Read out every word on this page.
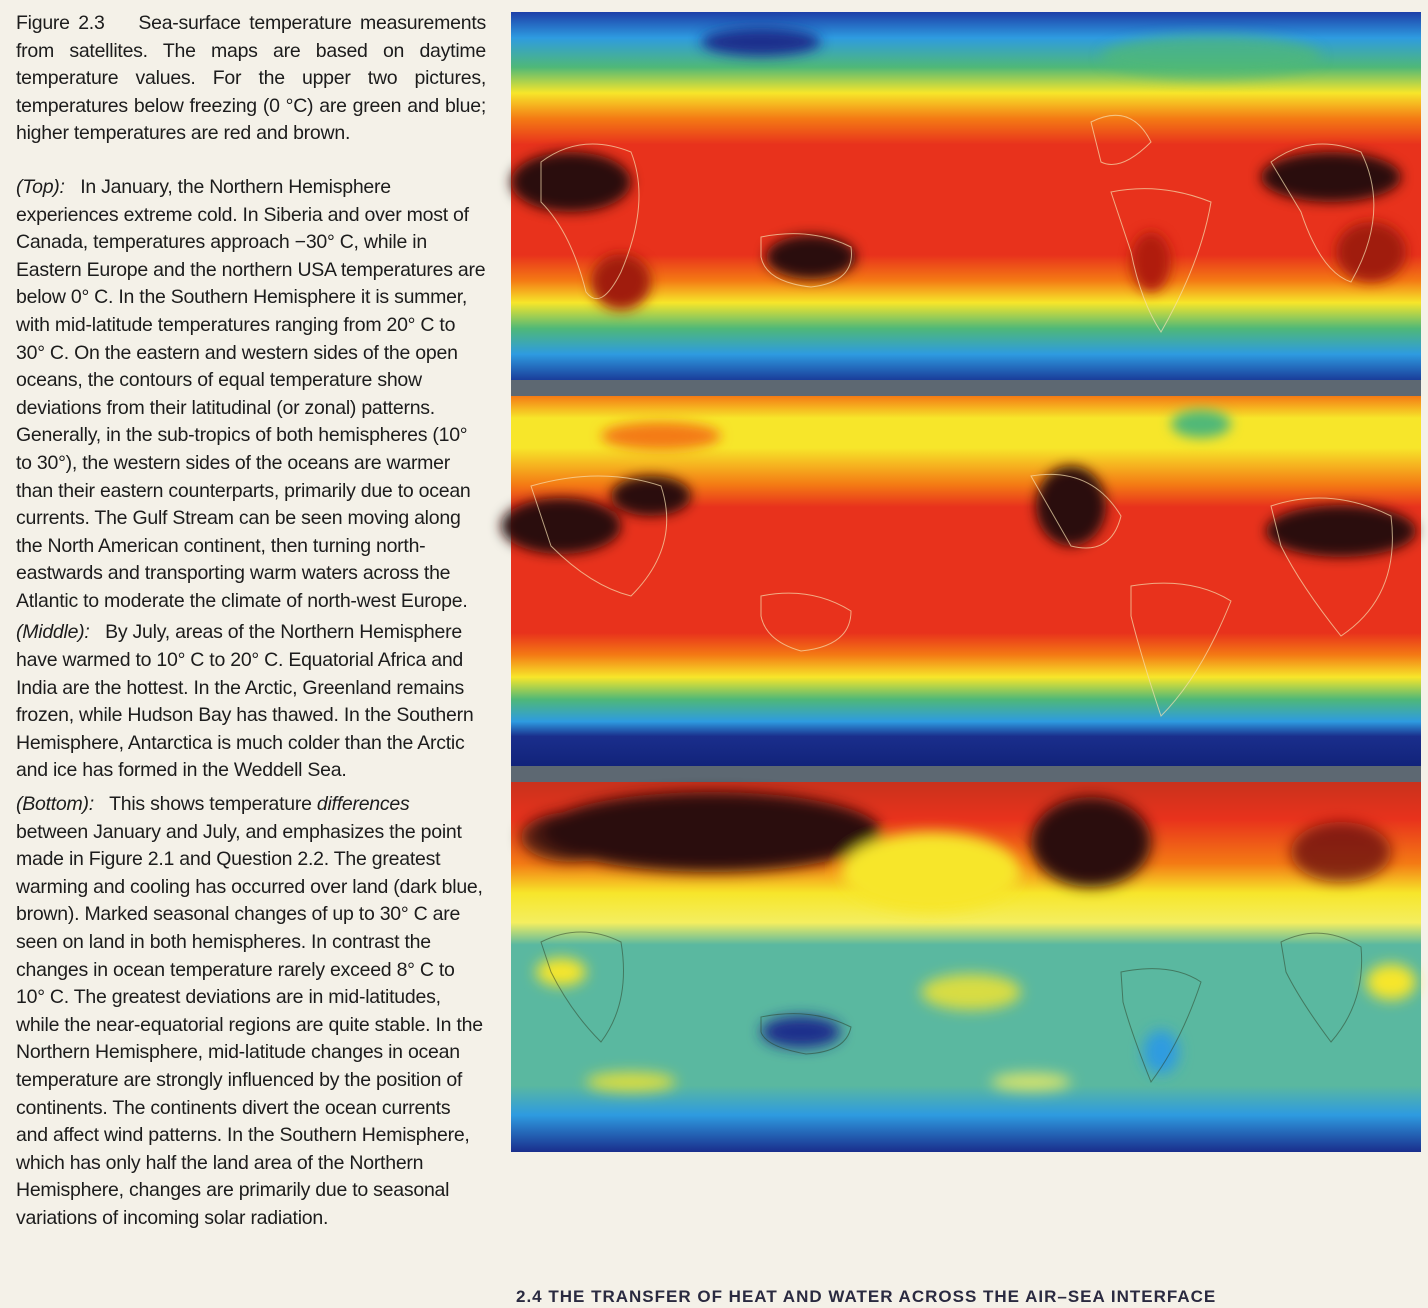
Figure 2.3 Sea-surface temperature measurements from satellites. The maps are based on daytime temperature values. For the upper two pictures, temperatures below freezing (0 °C) are green and blue; higher temperatures are red and brown.

(Top): In January, the Northern Hemisphere experiences extreme cold. In Siberia and over most of Canada, temperatures approach −30° C, while in Eastern Europe and the northern USA temperatures are below 0° C. In the Southern Hemisphere it is summer, with mid-latitude temperatures ranging from 20° C to 30° C. On the eastern and western sides of the open oceans, the contours of equal temperature show deviations from their latitudinal (or zonal) patterns. Generally, in the sub-tropics of both hemispheres (10° to 30°), the western sides of the oceans are warmer than their eastern counterparts, primarily due to ocean currents. The Gulf Stream can be seen moving along the North American continent, then turning north-eastwards and transporting warm waters across the Atlantic to moderate the climate of north-west Europe.

(Middle): By July, areas of the Northern Hemisphere have warmed to 10° C to 20° C. Equatorial Africa and India are the hottest. In the Arctic, Greenland remains frozen, while Hudson Bay has thawed. In the Southern Hemisphere, Antarctica is much colder than the Arctic and ice has formed in the Weddell Sea.

(Bottom): This shows temperature differences between January and July, and emphasizes the point made in Figure 2.1 and Question 2.2. The greatest warming and cooling has occurred over land (dark blue, brown). Marked seasonal changes of up to 30° C are seen on land in both hemispheres. In contrast the changes in ocean temperature rarely exceed 8° C to 10° C. The greatest deviations are in mid-latitudes, while the near-equatorial regions are quite stable. In the Northern Hemisphere, mid-latitude changes in ocean temperature are strongly influenced by the position of continents. The continents divert the ocean currents and affect wind patterns. In the Southern Hemisphere, which has only half the land area of the Northern Hemisphere, changes are primarily due to seasonal variations of incoming solar radiation.

2.4 THE TRANSFER OF HEAT AND WATER ACROSS THE AIR–SEA INTERFACE
